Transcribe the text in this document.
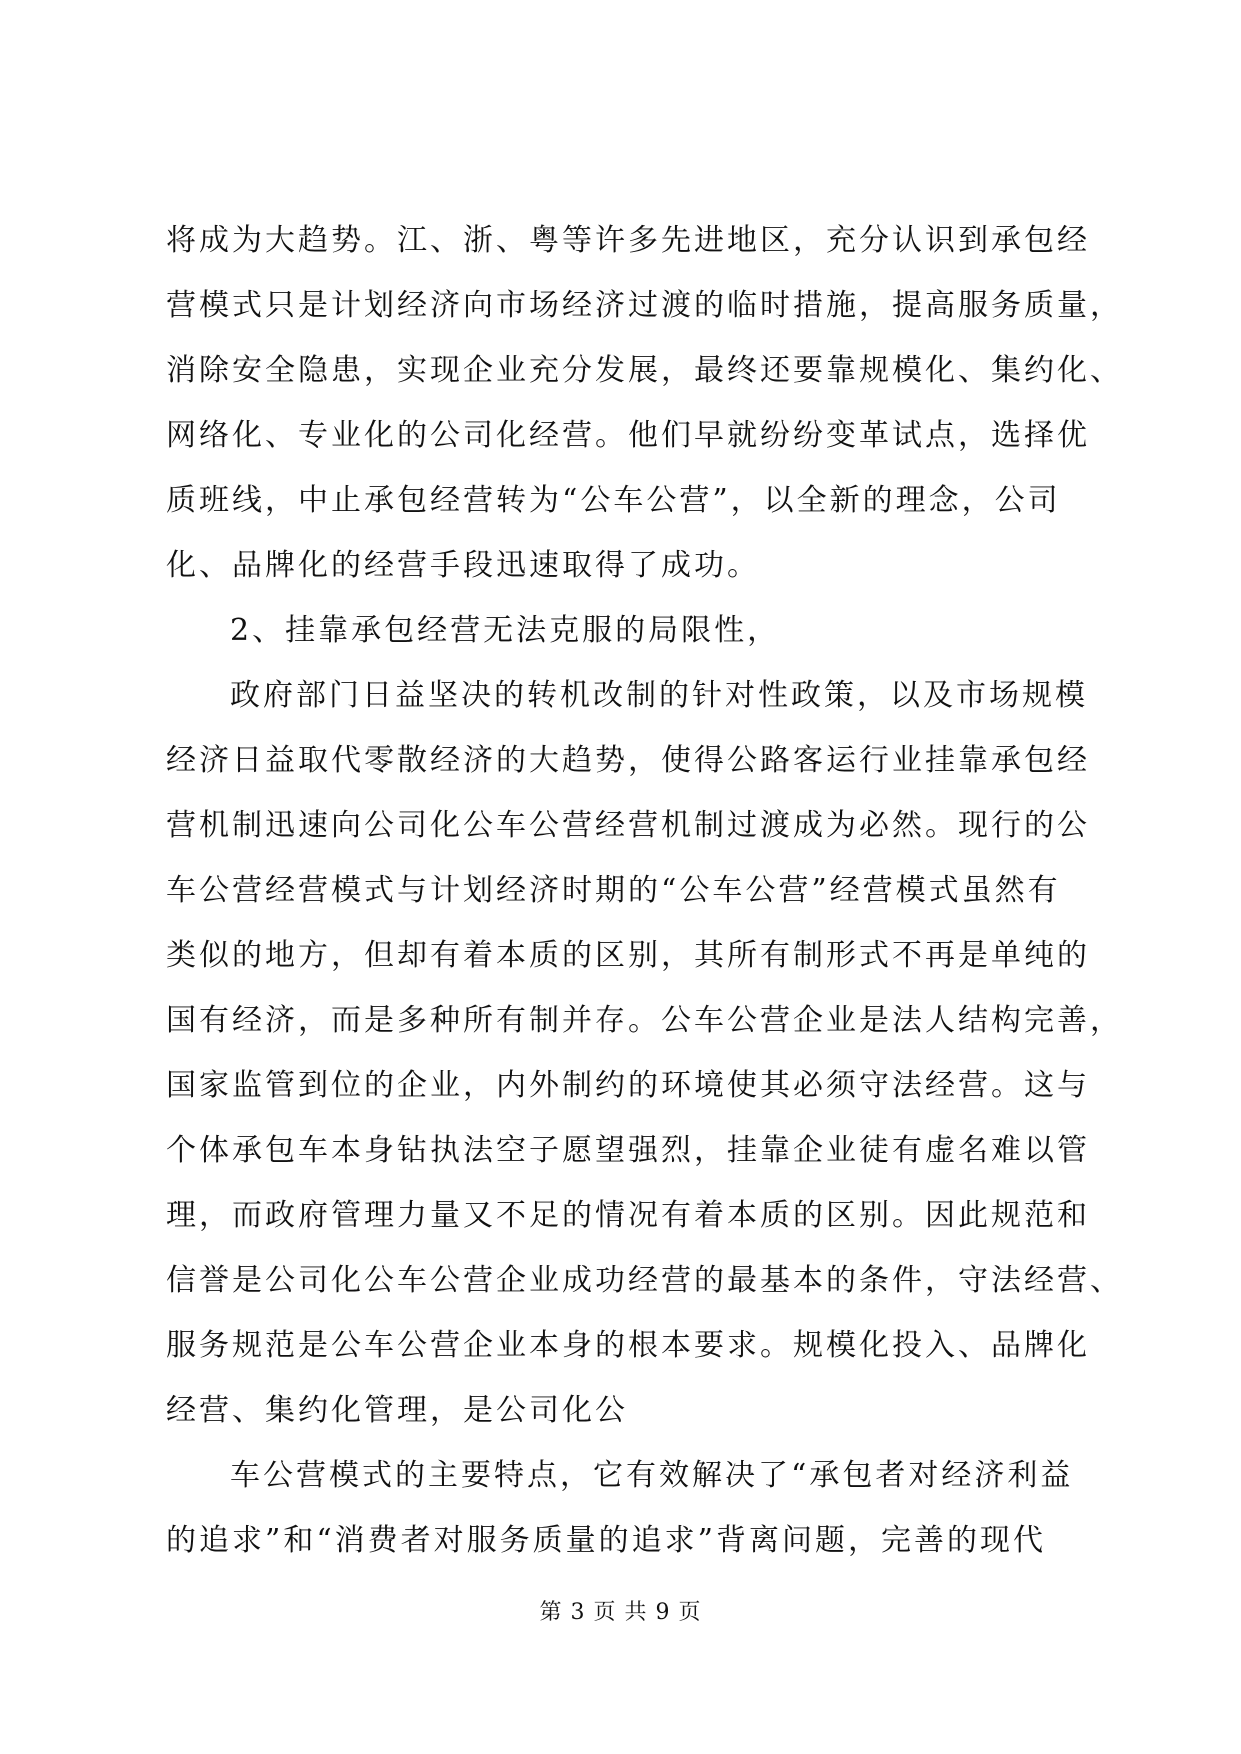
将成为大趋势。江、浙、粤等许多先进地区，充分认识到承包经
营模式只是计划经济向市场经济过渡的临时措施，提高服务质量，
消除安全隐患，实现企业充分发展，最终还要靠规模化、集约化、
网络化、专业化的公司化经营。他们早就纷纷变革试点，选择优
质班线，中止承包经营转为“公车公营”，以全新的理念，公司
化、品牌化的经营手段迅速取得了成功。
2、挂靠承包经营无法克服的局限性，
政府部门日益坚决的转机改制的针对性政策，以及市场规模
经济日益取代零散经济的大趋势，使得公路客运行业挂靠承包经
营机制迅速向公司化公车公营经营机制过渡成为必然。现行的公
车公营经营模式与计划经济时期的“公车公营”经营模式虽然有
类似的地方，但却有着本质的区别，其所有制形式不再是单纯的
国有经济，而是多种所有制并存。公车公营企业是法人结构完善，
国家监管到位的企业，内外制约的环境使其必须守法经营。这与
个体承包车本身钻执法空子愿望强烈，挂靠企业徒有虚名难以管
理，而政府管理力量又不足的情况有着本质的区别。因此规范和
信誉是公司化公车公营企业成功经营的最基本的条件，守法经营、
服务规范是公车公营企业本身的根本要求。规模化投入、品牌化
经营、集约化管理，是公司化公
车公营模式的主要特点，它有效解决了“承包者对经济利益
的追求”和“消费者对服务质量的追求”背离问题，完善的现代
第 3 页 共 9 页
